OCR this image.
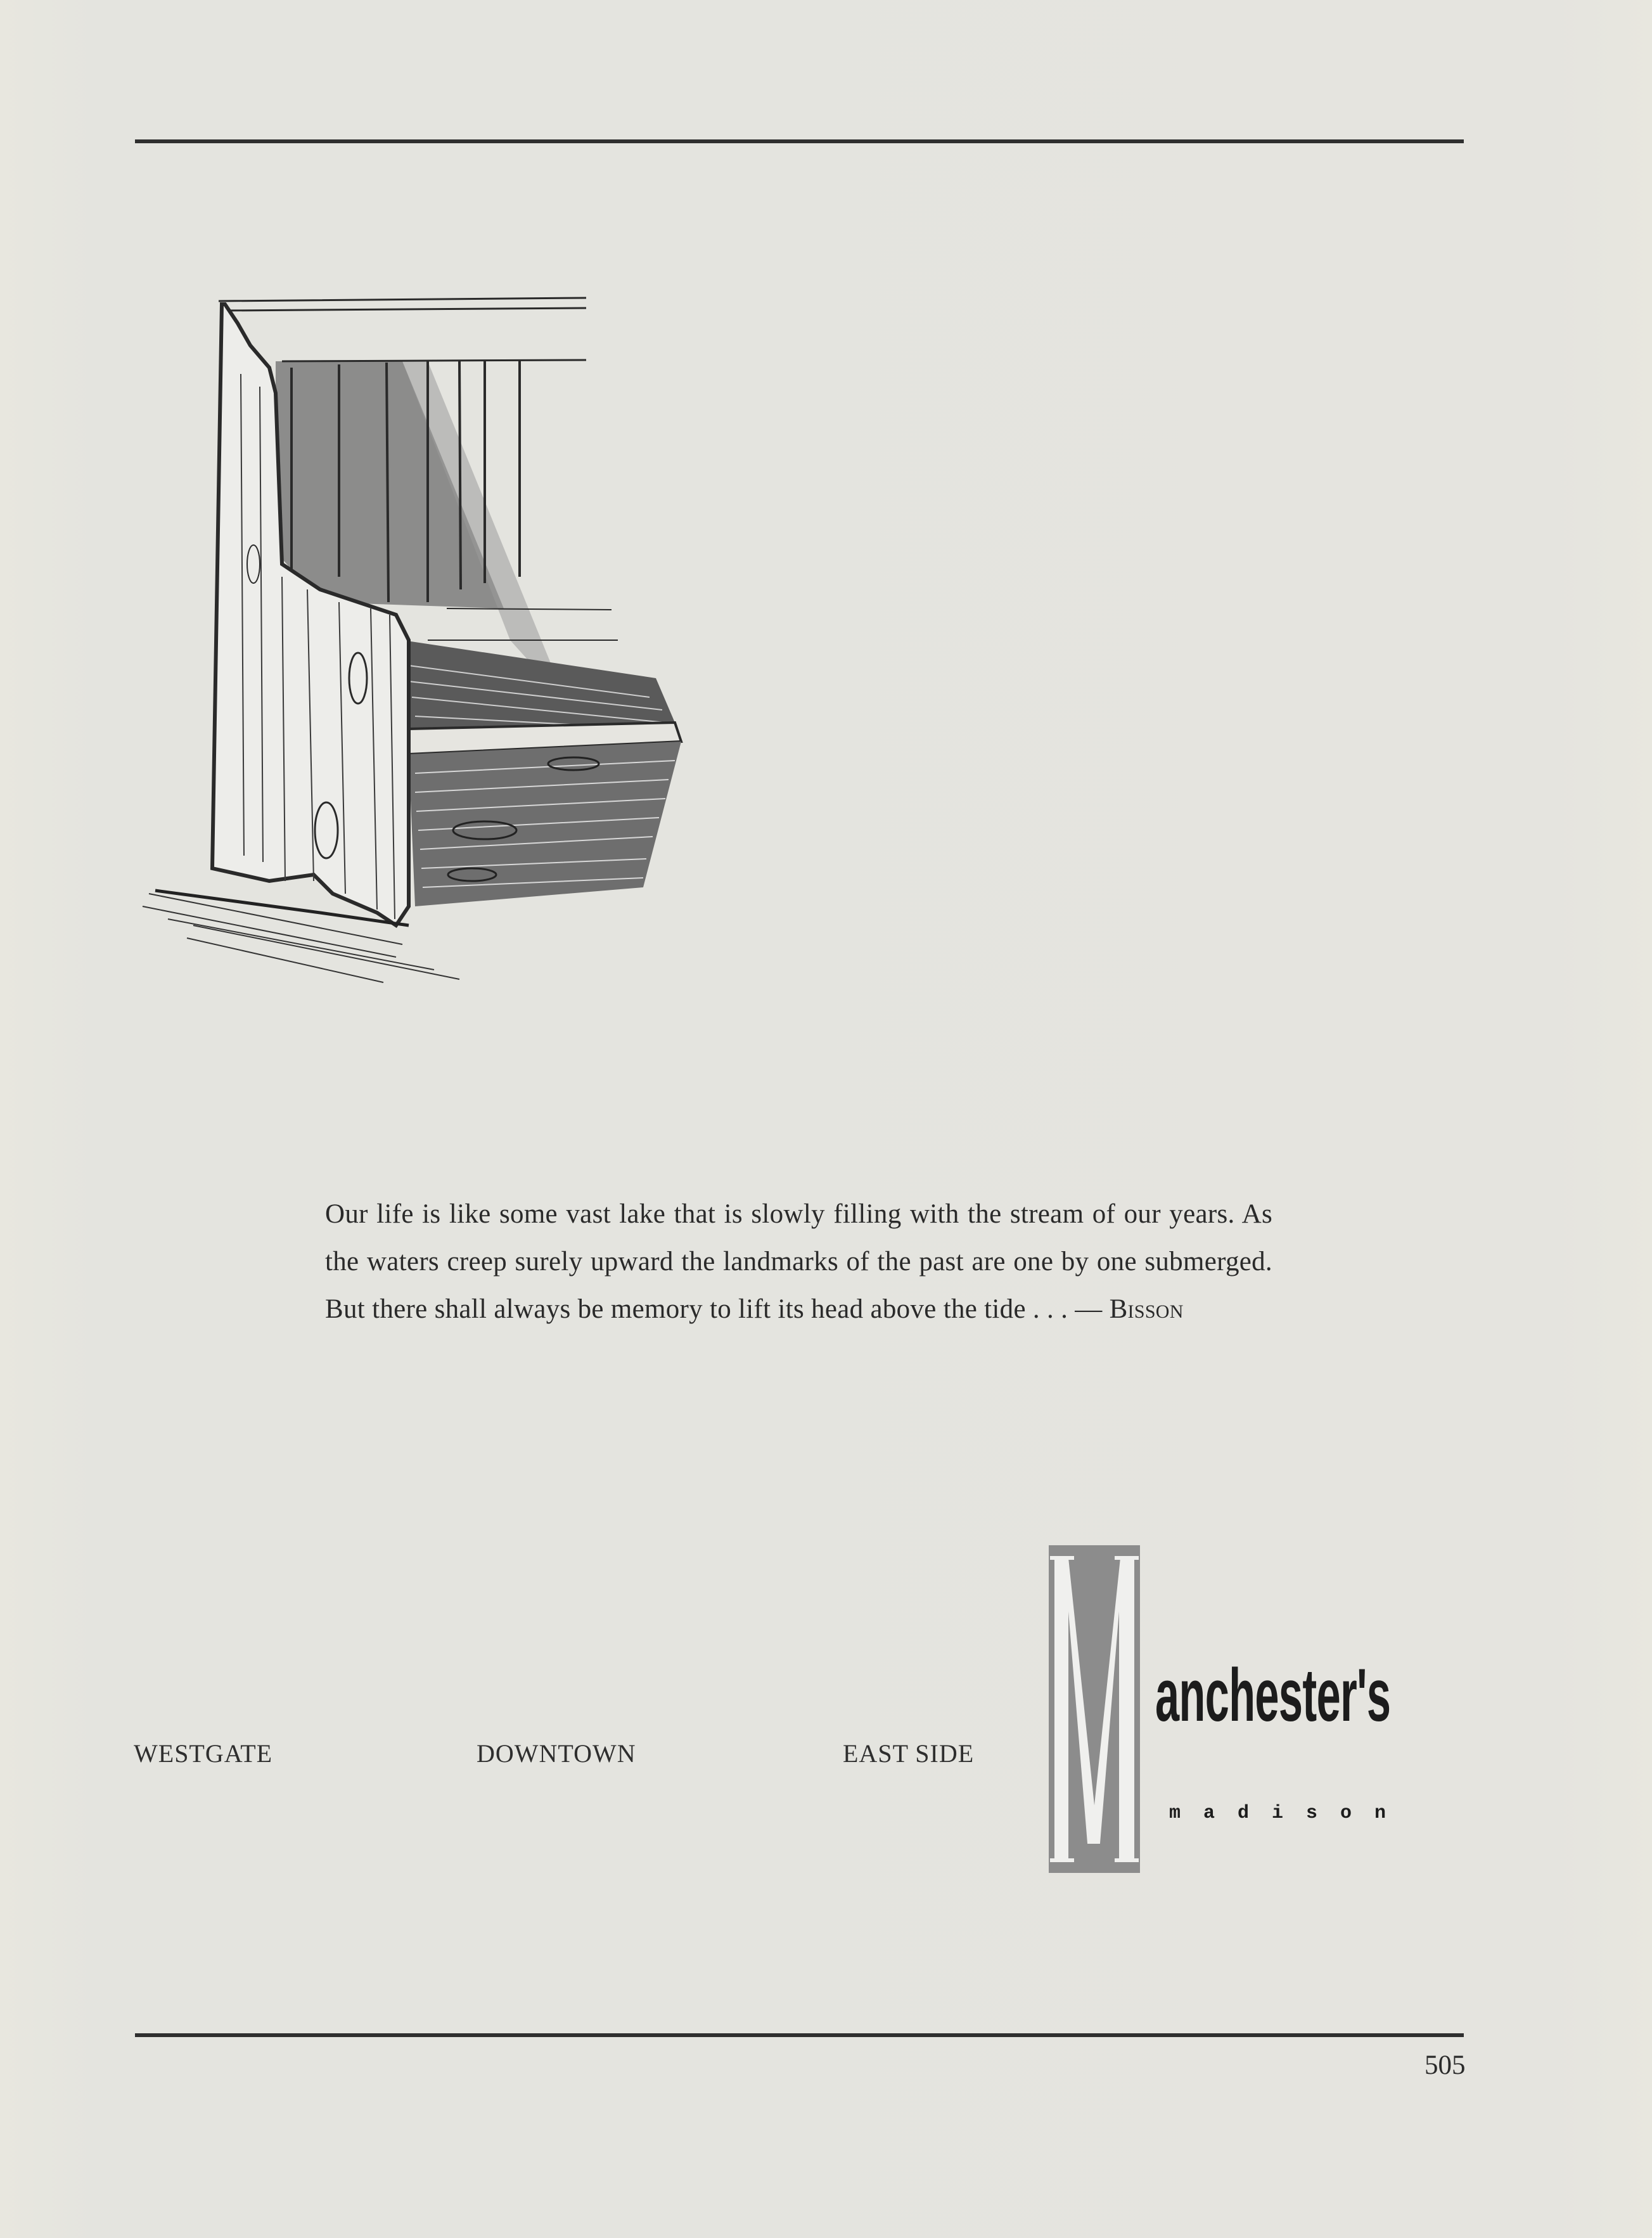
Our life is like some vast lake that is slowly filling with the stream of our years. As the waters creep surely upward the landmarks of the past are one by one submerged. But there shall always be memory to lift its head above the tide . . . — Bisson

WESTGATE	DOWNTOWN	EAST SIDE
anchester's
madison
505
